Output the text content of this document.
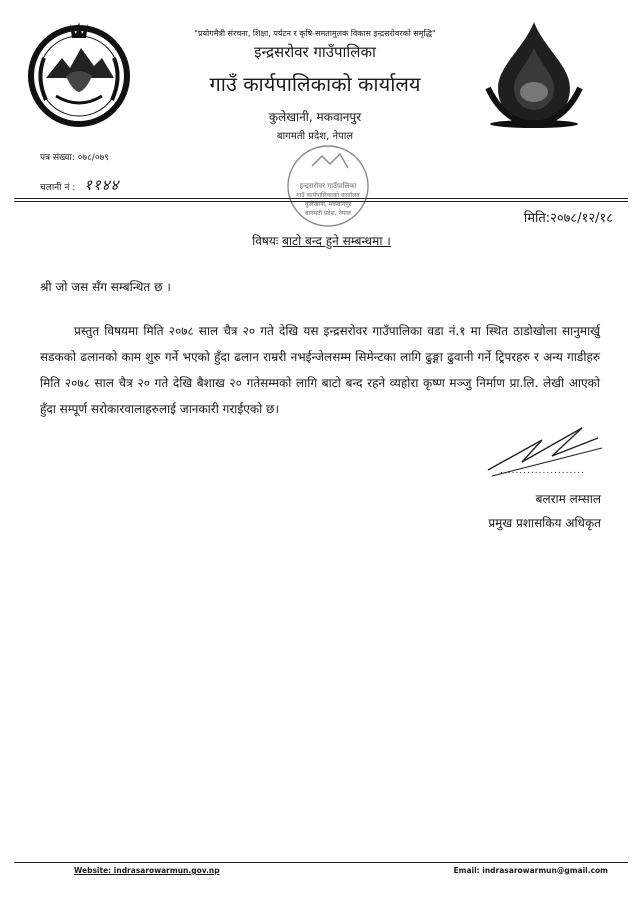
"प्रयोगमैत्री संरचना, शिक्षा, पर्यटन र कृषि-समतामुलक विकास इन्द्रसरोवरको समृद्धि"
इन्द्रसरोवर गाउँपालिका
गाउँ कार्यपालिकाको कार्यालय
कुलेखानी, मकवानपुर
बागमती प्रदेश, नेपाल
इन्द्रसरोवर गाउँपालिका
गाउँ कार्यपालिकाको कार्यालय
कुलेखानी, मकवानपुर
बागमती प्रदेश, नेपाल
पत्र संख्या: ०७८/०७९
चलानी नं : ११४४
मिति:२०७८/१२/१८
विषयः बाटो बन्द हुने सम्बन्धमा ।
श्री जो जस सँग सम्बन्धित छ ।
प्रस्तुत विषयमा मिति २०७८ साल चैत्र २० गते देखि यस इन्द्रसरोवर गाउँपालिका वडा नं.१ मा स्थित ठाडोखोला सानुमार्खु सडकको ढलानको काम शुरु गर्ने भएको हुँदा ढलान राम्ररी नभईन्जेलसम्म सिमेन्टका लागि ढुङ्गा ढुवानी गर्ने ट्रिपरहरु र अन्य गाडीहरु मिति २०७८ साल चैत्र २० गते देखि बैशाख २० गतेसम्मको लागि बाटो बन्द रहने व्यहोरा कृष्ण मञ्जु निर्माण प्रा.लि. लेखी आएको हुँदा सम्पूर्ण सरोकारवालाहरुलाई जानकारी गराईएको छ।
......................
बलराम लम्साल
प्रमुख प्रशासकिय अधिकृत
Website: indrasarowarmun.gov.np	Email: indrasarowarmun@gmail.com
